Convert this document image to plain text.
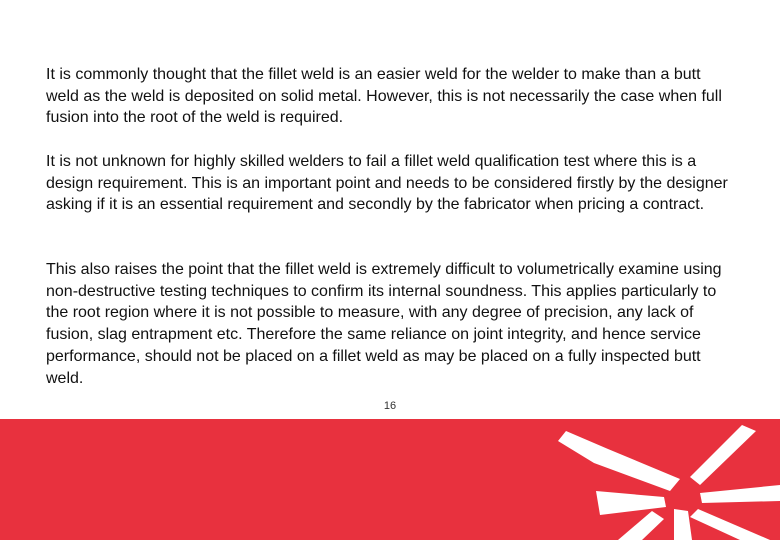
It is commonly thought that the fillet weld is an easier weld for the welder to make than a butt weld as the weld is deposited on solid metal. However, this is not necessarily the case when full fusion into the root of the weld is required.

It is not unknown for highly skilled welders to fail a fillet weld qualification test where this is a design requirement. This is an important point and needs to be considered firstly by the designer asking if it is an essential requirement and secondly by the fabricator when pricing a contract.

This also raises the point that the fillet weld is extremely difficult to volumetrically examine using non-destructive testing techniques to confirm its internal soundness. This applies particularly to the root region where it is not possible to measure, with any degree of precision, any lack of fusion, slag entrapment etc. Therefore the same reliance on joint integrity, and hence service performance, should not be placed on a fillet weld as may be placed on a fully inspected butt weld.

16
